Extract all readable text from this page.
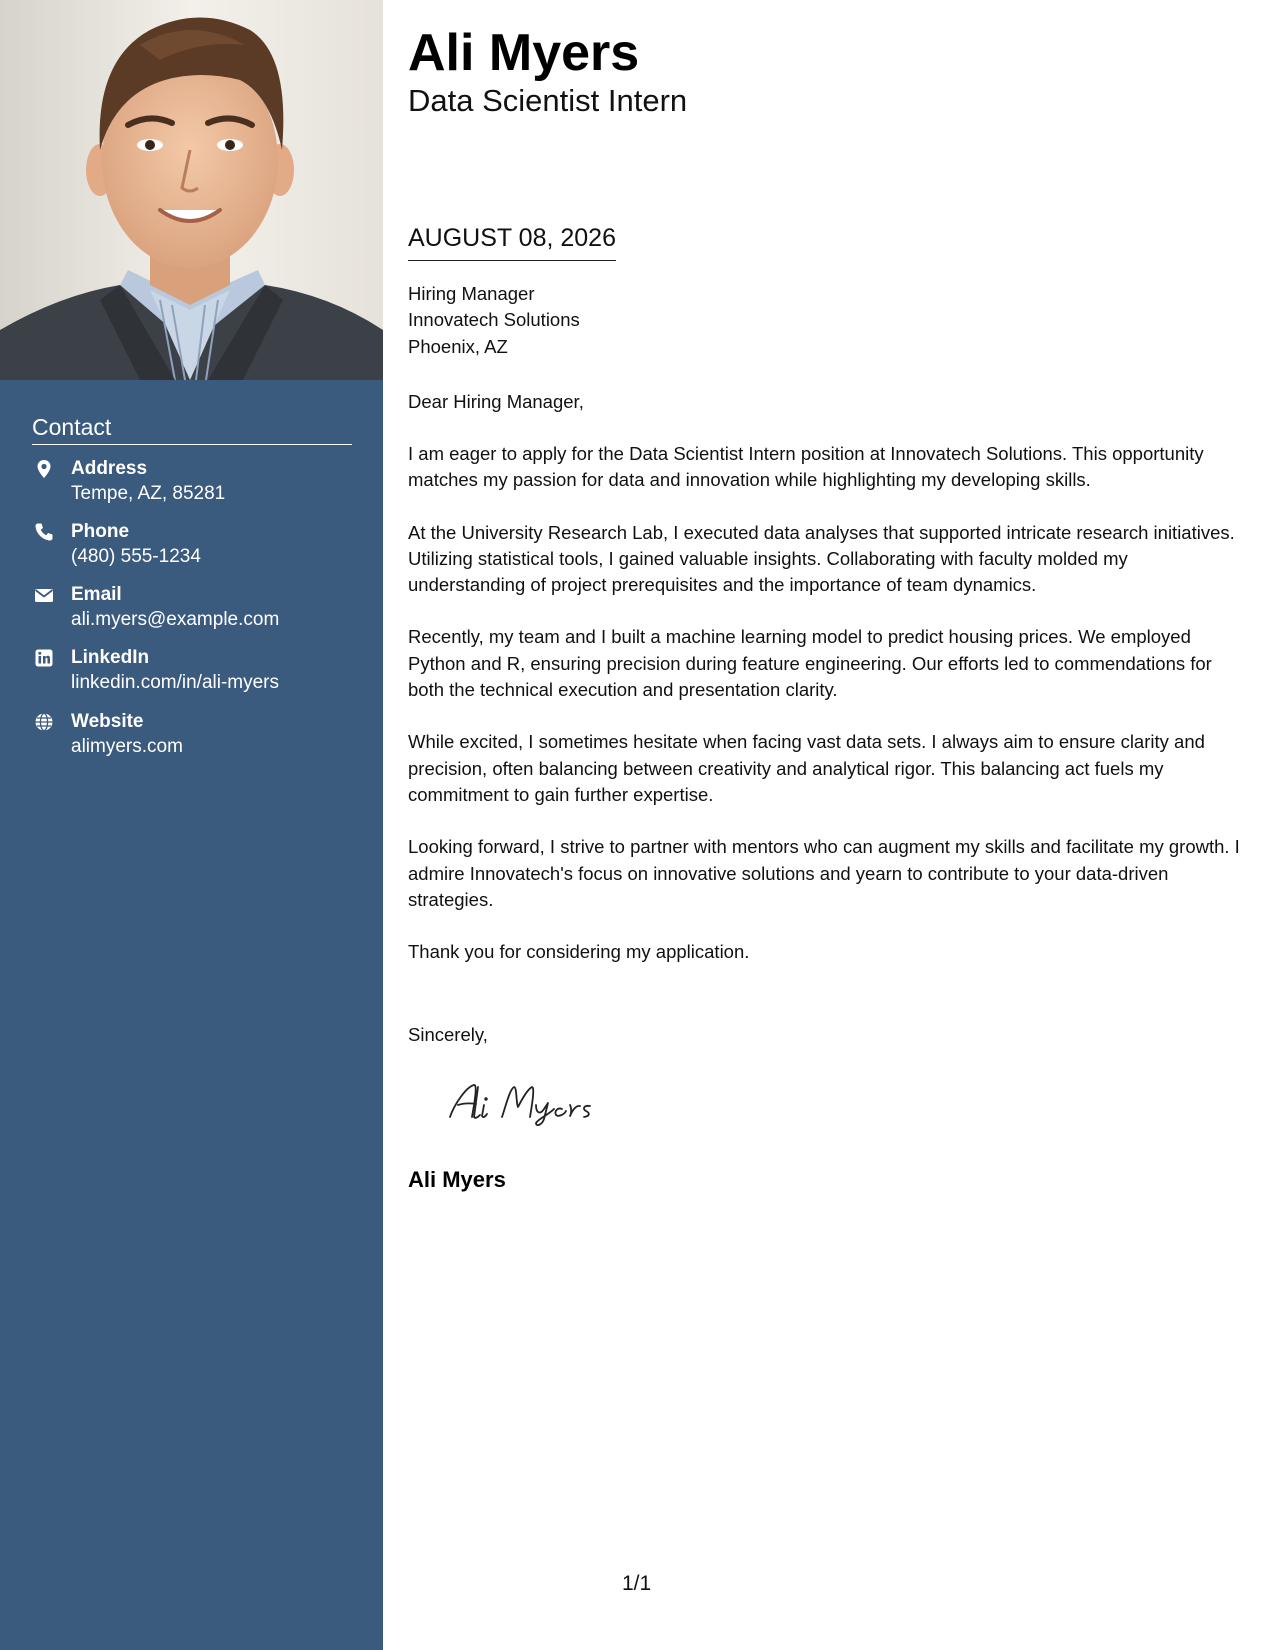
Contact
Address
Tempe, AZ, 85281
Phone
(480) 555-1234
Email
ali.myers@example.com
LinkedIn
linkedin.com/in/ali-myers
Website
alimyers.com
Ali Myers
Data Scientist Intern
AUGUST 08, 2026
Hiring Manager
Innovatech Solutions
Phoenix, AZ
Dear Hiring Manager,

I am eager to apply for the Data Scientist Intern position at Innovatech Solutions. This opportunity matches my passion for data and innovation while highlighting my developing skills.

At the University Research Lab, I executed data analyses that supported intricate research initiatives. Utilizing statistical tools, I gained valuable insights. Collaborating with faculty molded my understanding of project prerequisites and the importance of team dynamics.

Recently, my team and I built a machine learning model to predict housing prices. We employed Python and R, ensuring precision during feature engineering. Our efforts led to commendations for both the technical execution and presentation clarity.

While excited, I sometimes hesitate when facing vast data sets. I always aim to ensure clarity and precision, often balancing between creativity and analytical rigor. This balancing act fuels my commitment to gain further expertise.

Looking forward, I strive to partner with mentors who can augment my skills and facilitate my growth. I admire Innovatech's focus on innovative solutions and yearn to contribute to your data-driven strategies.

Thank you for considering my application.

Sincerely,
Ali Myers
1/1
